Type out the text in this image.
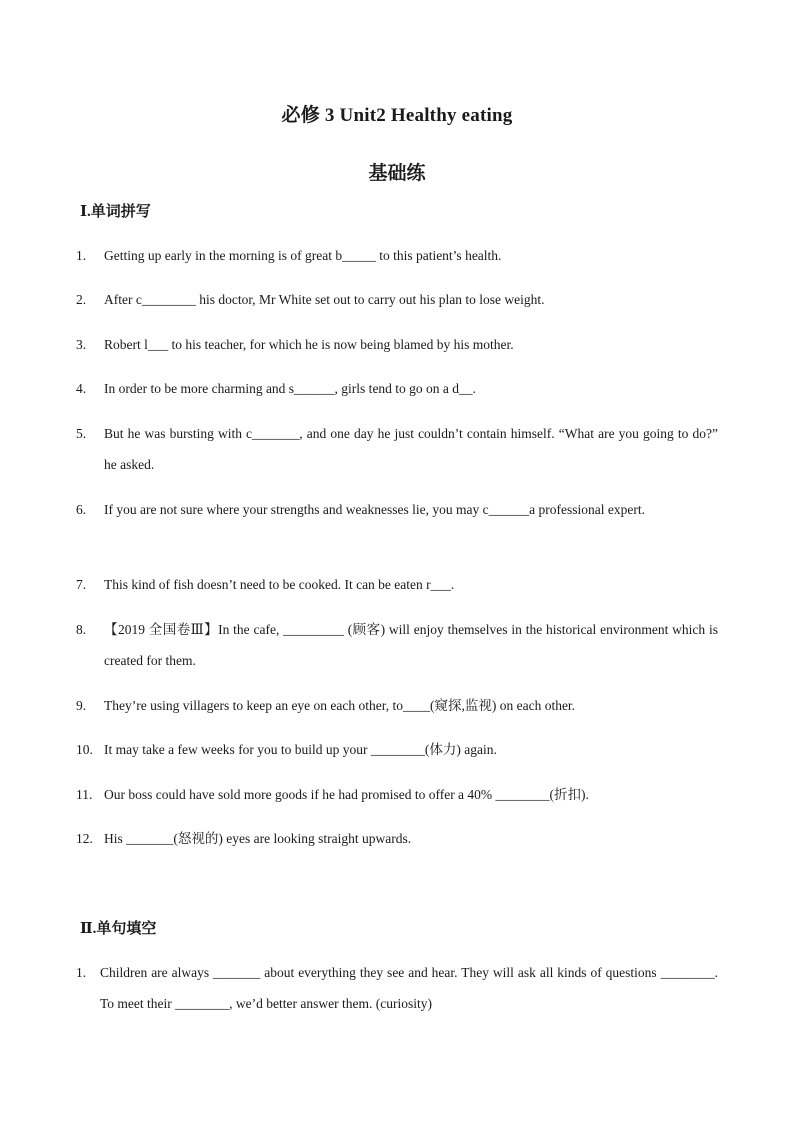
必修 3 Unit2 Healthy eating
基础练
Ⅰ.单词拼写
1. Getting up early in the morning is of great b_____ to this patient’s health.
2. After c________ his doctor, Mr White set out to carry out his plan to lose weight.
3. Robert l___ to his teacher, for which he is now being blamed by his mother.
4. In order to be more charming and s______, girls tend to go on a d__.
5. But he was bursting with c_______, and one day he just couldn’t contain himself. “What are you going to do?” he asked.
6. If you are not sure where your strengths and weaknesses lie, you may c______a professional expert.
7. This kind of fish doesn’t need to be cooked. It can be eaten r___.
8. 【2019 全国卷Ⅲ】In the cafe, _________ (顾客) will enjoy themselves in the historical environment which is created for them.
9. They’re using villagers to keep an eye on each other, to____(窥探,监视) on each other.
10. It may take a few weeks for you to build up your ________(体力) again.
11. Our boss could have sold more goods if he had promised to offer a 40% ________(折扣).
12. His _______(怒视的) eyes are looking straight upwards.
Ⅱ.单句填空
1. Children are always _______ about everything they see and hear. They will ask all kinds of questions ________. To meet their ________, we’d better answer them. (curiosity)
